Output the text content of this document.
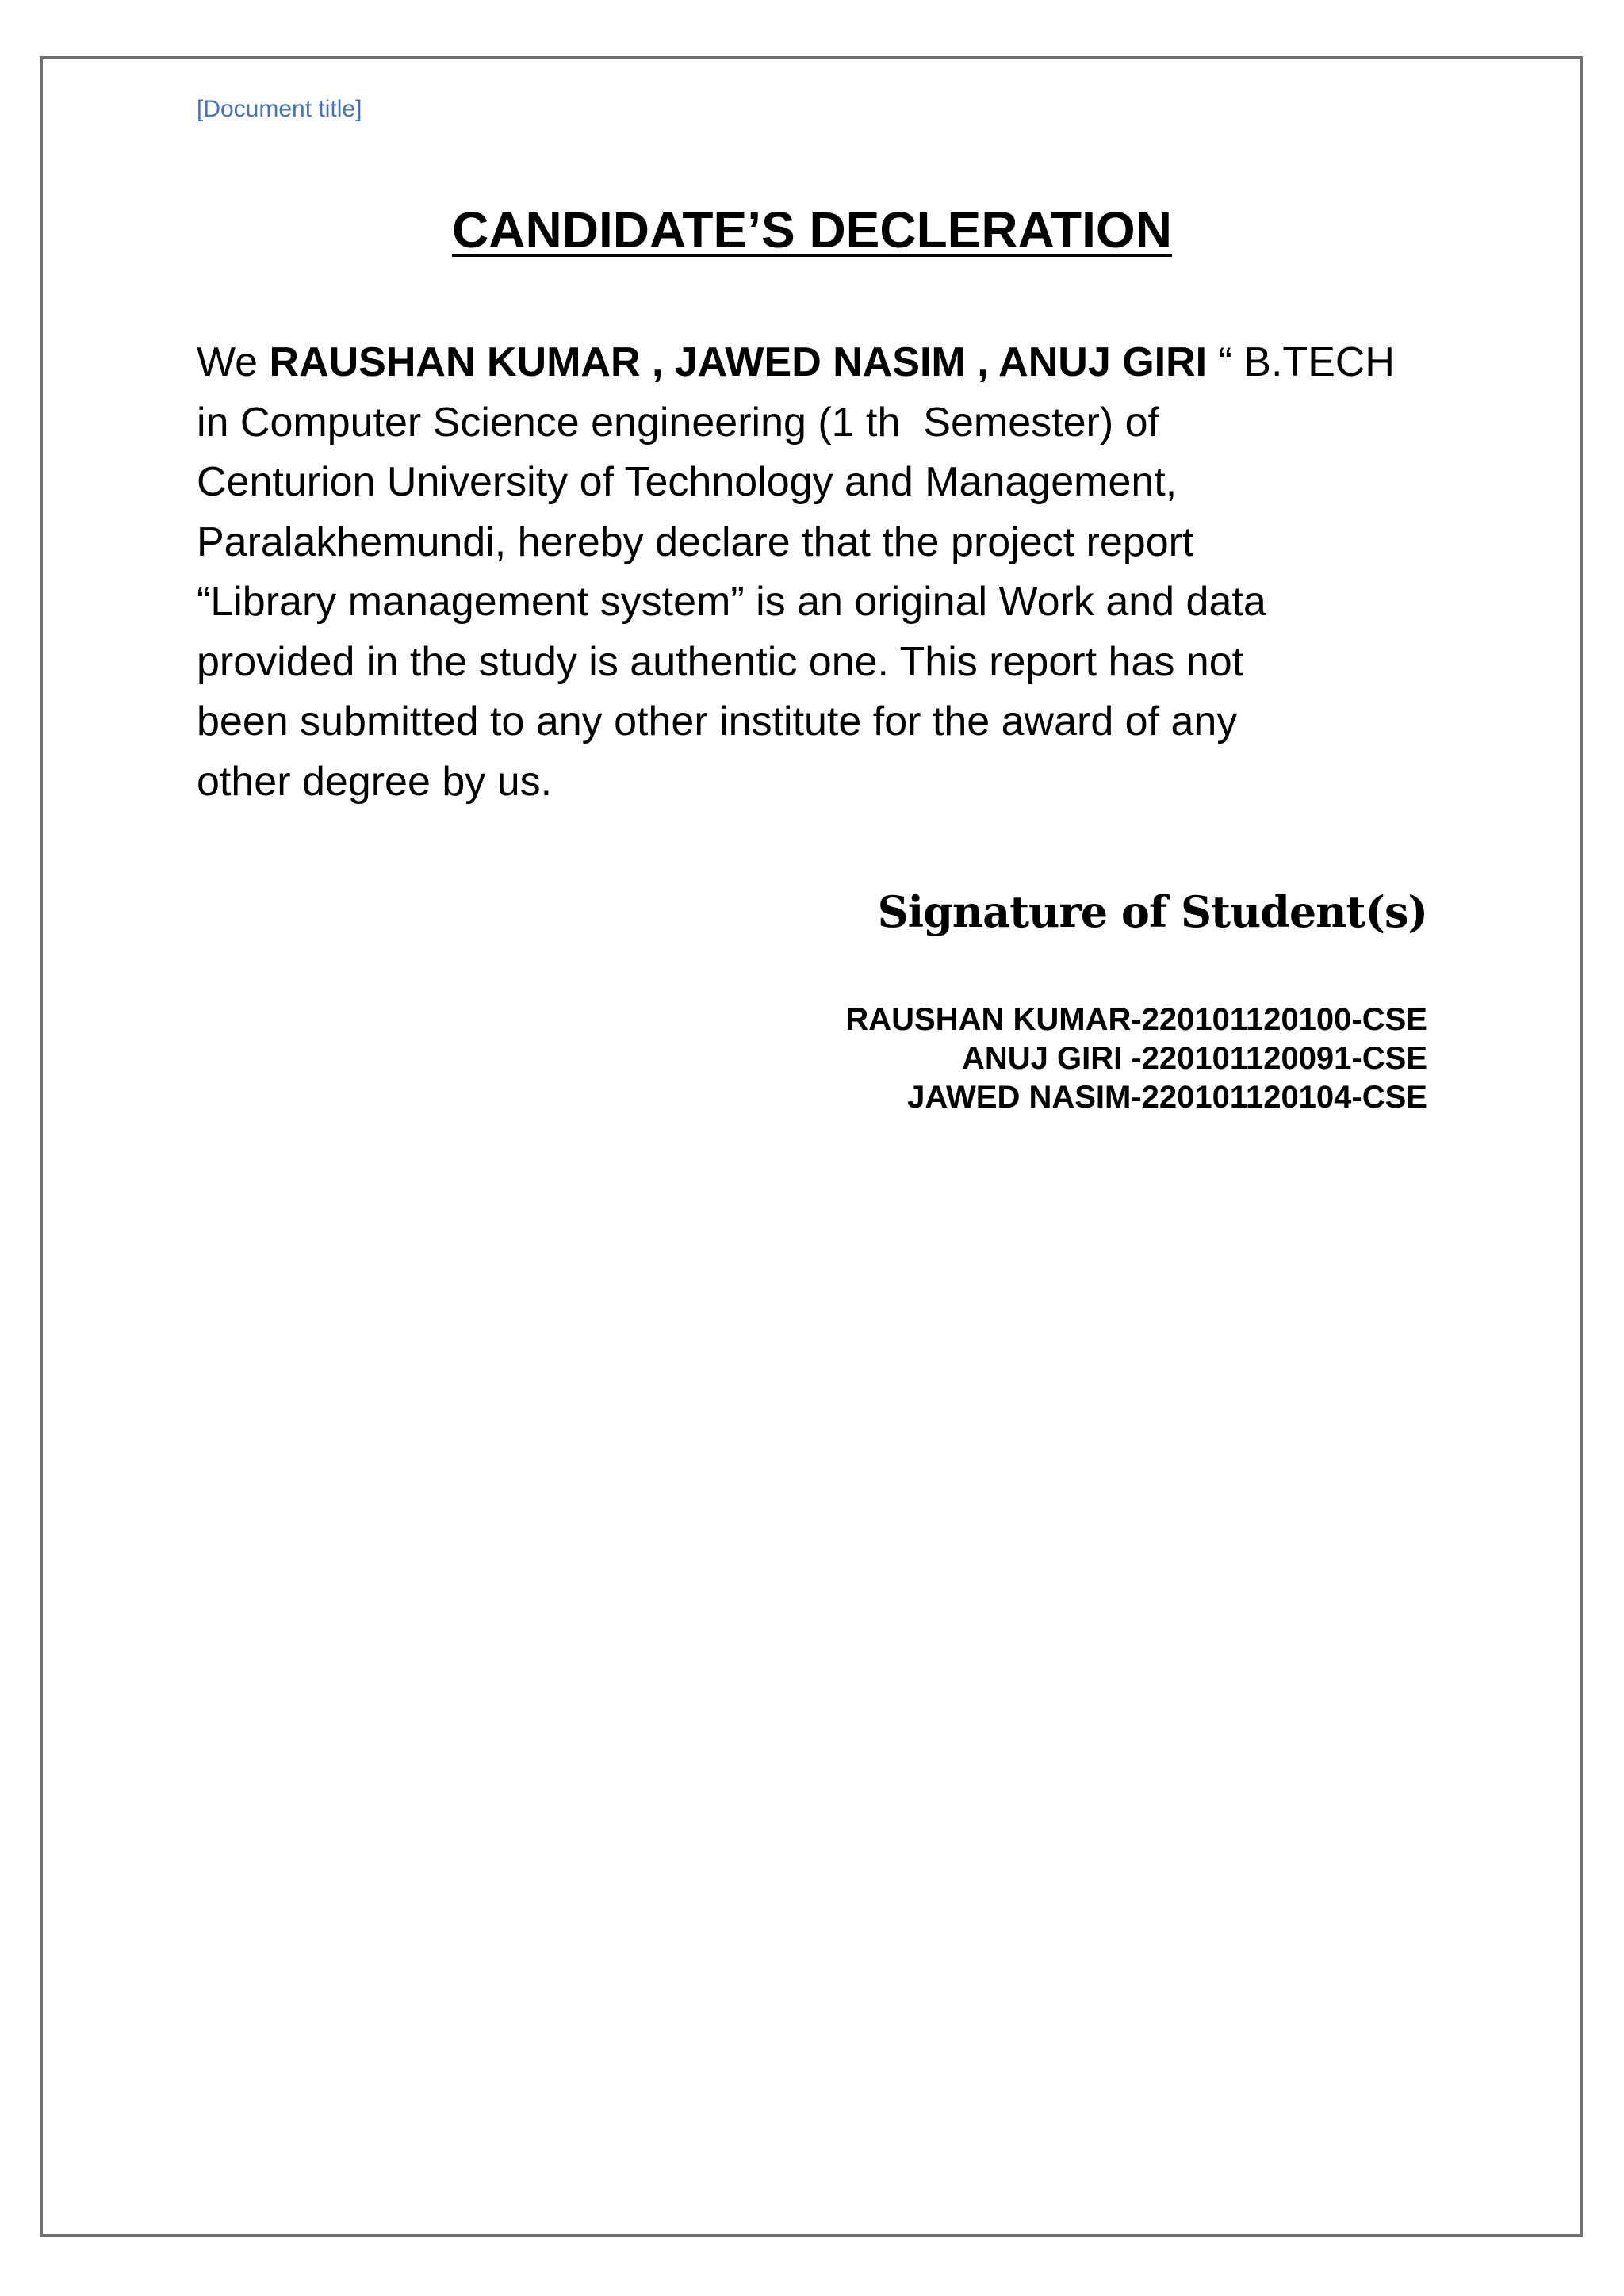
[Document title]
CANDIDATE’S DECLERATION

We RAUSHAN KUMAR , JAWED NASIM , ANUJ GIRI “ B.TECH
in Computer Science engineering (1 th  Semester) of
Centurion University of Technology and Management,
Paralakhemundi, hereby declare that the project report
“Library management system” is an original Work and data
provided in the study is authentic one. This report has not
been submitted to any other institute for the award of any
other degree by us.

Signature of Student(s)
RAUSHAN KUMAR-220101120100-CSE
ANUJ GIRI -220101120091-CSE
JAWED NASIM-220101120104-CSE
